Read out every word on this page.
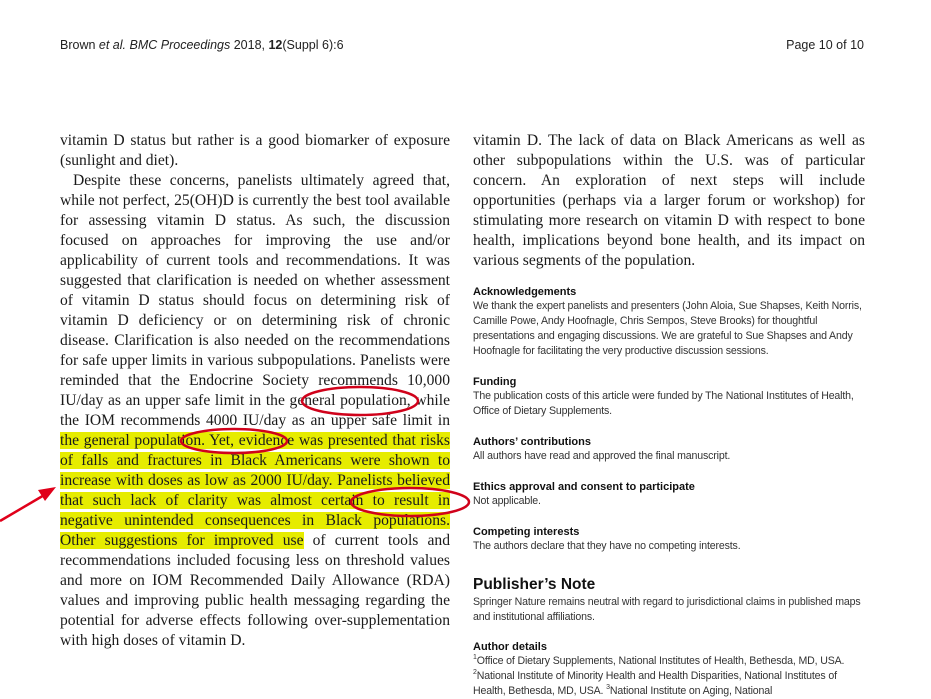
Brown et al. BMC Proceedings 2018, 12(Suppl 6):6	Page 10 of 10

vitamin D status but rather is a good biomarker of exposure (sunlight and diet).

Despite these concerns, panelists ultimately agreed that, while not perfect, 25(OH)D is currently the best tool available for assessing vitamin D status. As such, the discussion focused on approaches for improving the use and/or applicability of current tools and recommendations. It was suggested that clarification is needed on whether assessment of vitamin D status should focus on determining risk of vitamin D deficiency or on determining risk of chronic disease. Clarification is also needed on the recommendations for safe upper limits in various subpopulations. Panelists were reminded that the Endocrine Society recommends 10,000 IU/day as an upper safe limit in the general population, while the IOM recommends 4000 IU/day as an upper safe limit in the general population. Yet, evidence was presented that risks of falls and fractures in Black Americans were shown to increase with doses as low as 2000 IU/day. Panelists believed that such lack of clarity was almost certain to result in negative unintended consequences in Black populations. Other suggestions for improved use of current tools and recommendations included focusing less on threshold values and more on IOM Recommended Daily Allowance (RDA) values and improving public health messaging regarding the potential for adverse effects following over-supplementation with high doses of vitamin D.

vitamin D. The lack of data on Black Americans as well as other subpopulations within the U.S. was of particular concern. An exploration of next steps will include opportunities (perhaps via a larger forum or workshop) for stimulating more research on vitamin D with respect to bone health, implications beyond bone health, and its impact on various segments of the population.

Acknowledgements
We thank the expert panelists and presenters (John Aloia, Sue Shapses, Keith Norris, Camille Powe, Andy Hoofnagle, Chris Sempos, Steve Brooks) for thoughtful presentations and engaging discussions. We are grateful to Sue Shapses and Andy Hoofnagle for facilitating the very productive discussion sessions.
Funding
The publication costs of this article were funded by The National Institutes of Health, Office of Dietary Supplements.
Authors’ contributions
All authors have read and approved the final manuscript.
Ethics approval and consent to participate
Not applicable.
Competing interests
The authors declare that they have no competing interests.
Publisher’s Note
Springer Nature remains neutral with regard to jurisdictional claims in published maps and institutional affiliations.
Author details
$^1$Office of Dietary Supplements, National Institutes of Health, Bethesda, MD, USA. $^2$National Institute of Minority Health and Health Disparities, National Institutes of Health, Bethesda, MD, USA. $^3$National Institute on Aging, National
